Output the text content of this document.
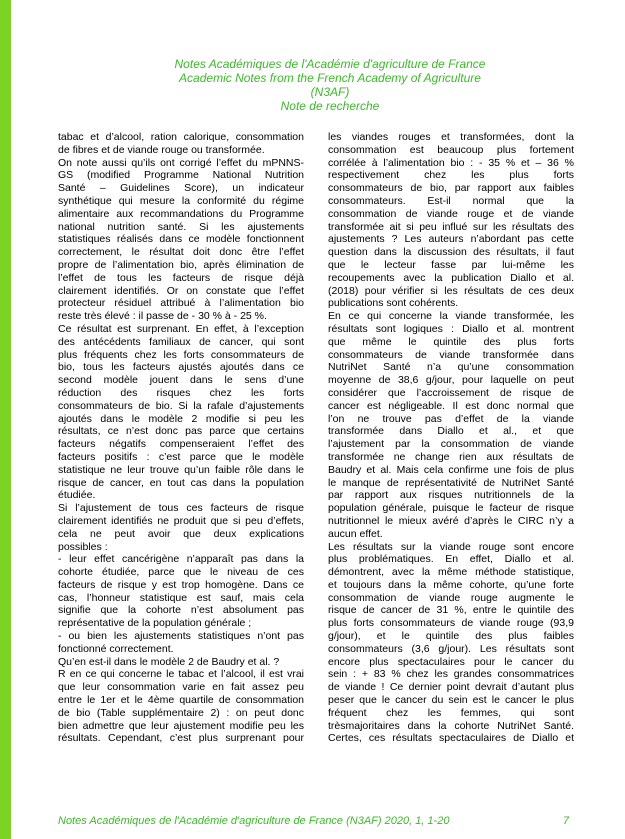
Notes Académiques de l'Académie d'agriculture de France
Academic Notes from the French Academy of Agriculture
(N3AF)
Note de recherche

tabac et d’alcool, ration calorique, consommation

de fibres et de viande rouge ou transformée.

On note aussi qu’ils ont corrigé l’effet du mPNNS-

GS (modified Programme National Nutrition

Santé – Guidelines Score), un indicateur

synthétique qui mesure la conformité du régime

alimentaire aux recommandations du Programme

national nutrition santé. Si les ajustements

statistiques réalisés dans ce modèle fonctionnent

correctement, le résultat doit donc être l’effet

propre de l’alimentation bio, après élimination de

l’effet de tous les facteurs de risque déjà

clairement identifiés. Or on constate que l’effet

protecteur résiduel attribué à l’alimentation bio

reste très élevé : il passe de - 30 % à - 25 %.

Ce résultat est surprenant. En effet, à l’exception

des antécédents familiaux de cancer, qui sont

plus fréquents chez les forts consommateurs de

bio, tous les facteurs ajustés ajoutés dans ce

second modèle jouent dans le sens d’une

réduction des risques chez les forts

consommateurs de bio. Si la rafale d’ajustements

ajoutés dans le modèle 2 modifie si peu les

résultats, ce n’est donc pas parce que certains

facteurs négatifs compenseraient l’effet des

facteurs positifs : c’est parce que le modèle

statistique ne leur trouve qu’un faible rôle dans le

risque de cancer, en tout cas dans la population

étudiée.

Si l’ajustement de tous ces facteurs de risque

clairement identifiés ne produit que si peu d’effets,

cela ne peut avoir que deux explications

possibles :

- leur effet cancérigène n’apparaît pas dans la

cohorte étudiée, parce que le niveau de ces

facteurs de risque y est trop homogène. Dans ce

cas, l’honneur statistique est sauf, mais cela

signifie que la cohorte n’est absolument pas

représentative de la population générale ;

- ou bien les ajustements statistiques n’ont pas

fonctionné correctement.

Qu’en est-il dans le modèle 2 de Baudry et al. ?

R en ce qui concerne le tabac et l’alcool, il est vrai

que leur consommation varie en fait assez peu

entre le 1er et le 4ème quartile de consommation

de bio (Table supplémentaire 2) : on peut donc

bien admettre que leur ajustement modifie peu les

résultats. Cependant, c’est plus surprenant pour

les viandes rouges et transformées, dont la

consommation est beaucoup plus fortement

corrélée à l’alimentation bio : - 35 % et – 36 %

respectivement chez les plus forts

consommateurs de bio, par rapport aux faibles

consommateurs. Est-il normal que la

consommation de viande rouge et de viande

transformée ait si peu influé sur les résultats des

ajustements ? Les auteurs n’abordant pas cette

question dans la discussion des résultats, il faut

que le lecteur fasse par lui-même les

recoupements avec la publication Diallo et al.

(2018) pour vérifier si les résultats de ces deux

publications sont cohérents.

En ce qui concerne la viande transformée, les

résultats sont logiques : Diallo et al. montrent

que même le quintile des plus forts

consommateurs de viande transformée dans

NutriNet Santé n’a qu’une consommation

moyenne de 38,6 g/jour, pour laquelle on peut

considérer que l’accroissement de risque de

cancer est négligeable. Il est donc normal que

l’on ne trouve pas d’effet de la viande

transformée dans Diallo et al., et que

l’ajustement par la consommation de viande

transformée ne change rien aux résultats de

Baudry et al. Mais cela confirme une fois de plus

le manque de représentativité de NutriNet Santé

par rapport aux risques nutritionnels de la

population générale, puisque le facteur de risque

nutritionnel le mieux avéré d’après le CIRC n’y a

aucun effet.

Les résultats sur la viande rouge sont encore

plus problématiques. En effet, Diallo et al.

démontrent, avec la même méthode statistique,

et toujours dans la même cohorte, qu’une forte

consommation de viande rouge augmente le

risque de cancer de 31 %, entre le quintile des

plus forts consommateurs de viande rouge (93,9

g/jour), et le quintile des plus faibles

consommateurs (3,6 g/jour). Les résultats sont

encore plus spectaculaires pour le cancer du

sein : + 83 % chez les grandes consommatrices

de viande ! Ce dernier point devrait d’autant plus

peser que le cancer du sein est le cancer le plus

fréquent chez les femmes, qui sont

trèsmajoritaires dans la cohorte NutriNet Santé.

Certes, ces résultats spectaculaires de Diallo et

Notes Académiques de l'Académie d'agriculture de France (N3AF) 2020, 1, 1-20	7
